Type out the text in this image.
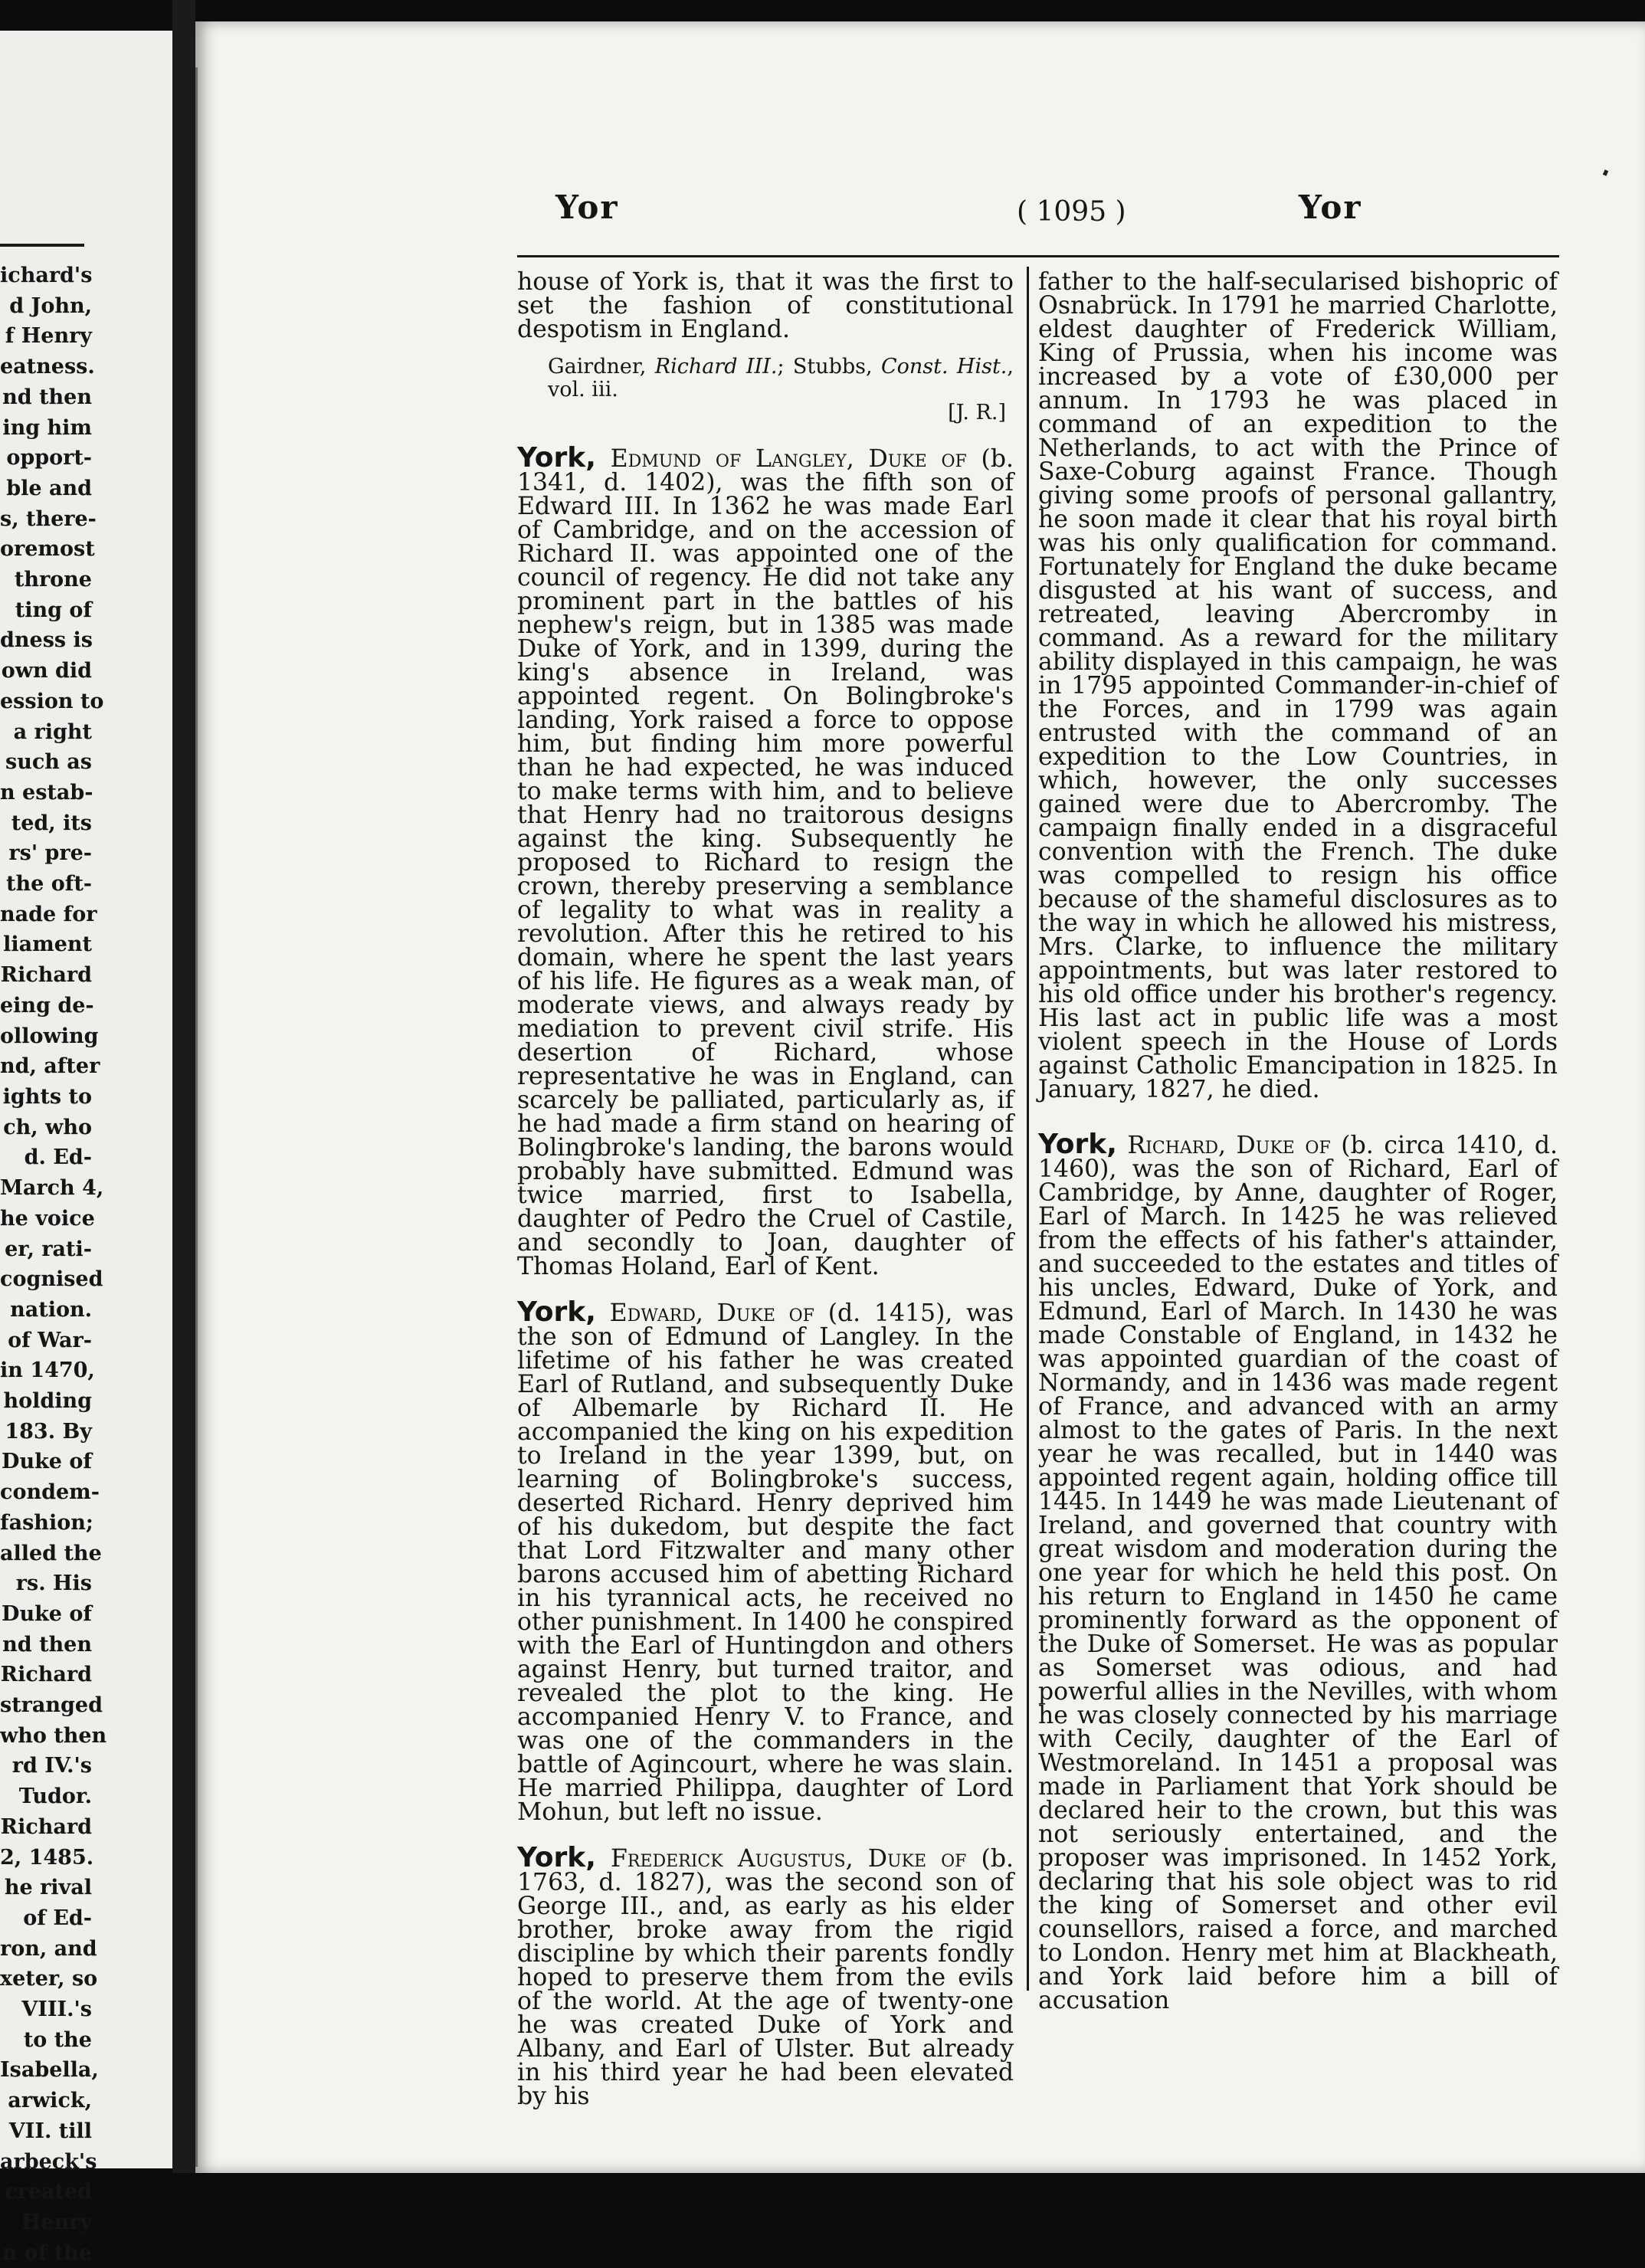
ichard's
d John,
f Henry
eatness.
nd then
ing him
opport-
ble and
s, there-
oremost
throne
ting of
dness is
own did
ession to
a right
such as
n estab-
ted, its
rs' pre-
the oft-
nade for
liament
Richard
eing de-
ollowing
nd, after
ights to
ch, who
d. Ed-
March 4,
he voice
er, rati-
cognised
nation.
of War-
in 1470,
holding
183. By
Duke of
condem-
fashion;
alled the
rs. His
Duke of
nd then
Richard
stranged
who then
rd IV.'s
Tudor.
Richard
2, 1485.
he rival
of Ed-
ron, and
xeter, so
VIII.'s
to the
Isabella,
arwick,
VII. till
arbeck's
created
Henry
n of the
Yor	( 1095 )	Yor

house of York is, that it was the first to set the fashion of constitutional despotism in England.

Gairdner, Richard III.; Stubbs, Const. Hist., vol. iii.
[J. R.]

York, Edmund of Langley, Duke of (b. 1341, d. 1402), was the fifth son of Edward III. In 1362 he was made Earl of Cambridge, and on the accession of Richard II. was appointed one of the council of regency. He did not take any prominent part in the battles of his nephew's reign, but in 1385 was made Duke of York, and in 1399, during the king's absence in Ireland, was appointed regent. On Bolingbroke's landing, York raised a force to oppose him, but finding him more powerful than he had expected, he was induced to make terms with him, and to believe that Henry had no traitorous designs against the king. Subsequently he proposed to Richard to resign the crown, thereby preserving a semblance of legality to what was in reality a revolution. After this he retired to his domain, where he spent the last years of his life. He figures as a weak man, of moderate views, and always ready by mediation to prevent civil strife. His desertion of Richard, whose representative he was in England, can scarcely be palliated, particularly as, if he had made a firm stand on hearing of Bolingbroke's landing, the barons would probably have submitted. Edmund was twice married, first to Isabella, daughter of Pedro the Cruel of Castile, and secondly to Joan, daughter of Thomas Holand, Earl of Kent.

York, Edward, Duke of (d. 1415), was the son of Edmund of Langley. In the lifetime of his father he was created Earl of Rutland, and subsequently Duke of Albemarle by Richard II. He accompanied the king on his expedition to Ireland in the year 1399, but, on learning of Bolingbroke's success, deserted Richard. Henry deprived him of his dukedom, but despite the fact that Lord Fitzwalter and many other barons accused him of abetting Richard in his tyrannical acts, he received no other punishment. In 1400 he conspired with the Earl of Huntingdon and others against Henry, but turned traitor, and revealed the plot to the king. He accompanied Henry V. to France, and was one of the commanders in the battle of Agincourt, where he was slain. He married Philippa, daughter of Lord Mohun, but left no issue.

York, Frederick Augustus, Duke of (b. 1763, d. 1827), was the second son of George III., and, as early as his elder brother, broke away from the rigid discipline by which their parents fondly hoped to preserve them from the evils of the world. At the age of twenty-one he was created Duke of York and Albany, and Earl of Ulster. But already in his third year he had been elevated by his

father to the half-secularised bishopric of Osnabrück. In 1791 he married Charlotte, eldest daughter of Frederick William, King of Prussia, when his income was increased by a vote of £30,000 per annum. In 1793 he was placed in command of an expedition to the Netherlands, to act with the Prince of Saxe-Coburg against France. Though giving some proofs of personal gallantry, he soon made it clear that his royal birth was his only qualification for command. Fortunately for England the duke became disgusted at his want of success, and retreated, leaving Abercromby in command. As a reward for the military ability displayed in this campaign, he was in 1795 appointed Commander-in-chief of the Forces, and in 1799 was again entrusted with the command of an expedition to the Low Countries, in which, however, the only successes gained were due to Abercromby. The campaign finally ended in a disgraceful convention with the French. The duke was compelled to resign his office because of the shameful disclosures as to the way in which he allowed his mistress, Mrs. Clarke, to influence the military appointments, but was later restored to his old office under his brother's regency. His last act in public life was a most violent speech in the House of Lords against Catholic Emancipation in 1825. In January, 1827, he died.

York, Richard, Duke of (b. circa 1410, d. 1460), was the son of Richard, Earl of Cambridge, by Anne, daughter of Roger, Earl of March. In 1425 he was relieved from the effects of his father's attainder, and succeeded to the estates and titles of his uncles, Edward, Duke of York, and Edmund, Earl of March. In 1430 he was made Constable of England, in 1432 he was appointed guardian of the coast of Normandy, and in 1436 was made regent of France, and advanced with an army almost to the gates of Paris. In the next year he was recalled, but in 1440 was appointed regent again, holding office till 1445. In 1449 he was made Lieutenant of Ireland, and governed that country with great wisdom and moderation during the one year for which he held this post. On his return to England in 1450 he came prominently forward as the opponent of the Duke of Somerset. He was as popular as Somerset was odious, and had powerful allies in the Nevilles, with whom he was closely connected by his marriage with Cecily, daughter of the Earl of Westmoreland. In 1451 a proposal was made in Parliament that York should be declared heir to the crown, but this was not seriously entertained, and the proposer was imprisoned. In 1452 York, declaring that his sole object was to rid the king of Somerset and other evil counsellors, raised a force, and marched to London. Henry met him at Blackheath, and York laid before him a bill of accusation
